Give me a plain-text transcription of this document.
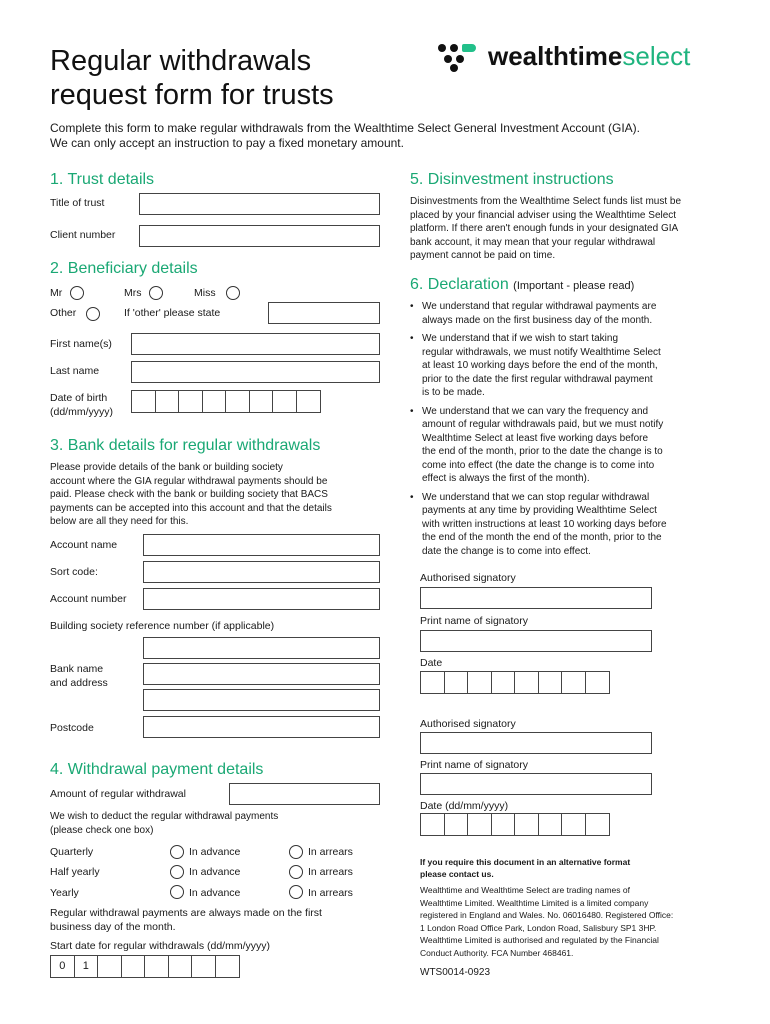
Regular withdrawals
request form for trusts
wealthtimeselect
Complete this form to make regular withdrawals from the Wealthtime Select General Investment Account (GIA).
We can only accept an instruction to pay a fixed monetary amount.
1. Trust details
Title of trust
Client number
2. Beneficiary details
Mr	Mrs	Miss
Other	If 'other' please state
First name(s)
Last name
Date of birth
(dd/mm/yyyy)
3. Bank details for regular withdrawals
Please provide details of the bank or building society
account where the GIA regular withdrawal payments should be
paid. Please check with the bank or building society that BACS
payments can be accepted into this account and that the details
below are all they need for this.
Account name
Sort code:
Account number
Building society reference number (if applicable)
Bank name
and address
Postcode
4. Withdrawal payment details
Amount of regular withdrawal
We wish to deduct the regular withdrawal payments
(please check one box)
Quarterly	In advance	In arrears
Half yearly	In advance	In arrears
Yearly	In advance	In arrears
Regular withdrawal payments are always made on the first
business day of the month.
Start date for regular withdrawals (dd/mm/yyyy)
0	1
5. Disinvestment instructions
Disinvestments from the Wealthtime Select funds list must be
placed by your financial adviser using the Wealthtime Select
platform. If there aren't enough funds in your designated GIA
bank account, it may mean that your regular withdrawal
payment cannot be paid on time.
6. Declaration (Important - please read)
• We understand that regular withdrawal payments are
always made on the first business day of the month.
• We understand that if we wish to start taking
regular withdrawals, we must notify Wealthtime Select
at least 10 working days before the end of the month,
prior to the date the first regular withdrawal payment
is to be made.
• We understand that we can vary the frequency and
amount of regular withdrawals paid, but we must notify
Wealthtime Select at least five working days before
the end of the month, prior to the date the change is to
come into effect (the date the change is to come into
effect is always the first of the month).
• We understand that we can stop regular withdrawal
payments at any time by providing Wealthtime Select
with written instructions at least 10 working days before
the end of the month the end of the month, prior to the
date the change is to come into effect.
Authorised signatory
Print name of signatory
Date
Authorised signatory
Print name of signatory
Date (dd/mm/yyyy)
If you require this document in an alternative format
please contact us.
Wealthtime and Wealthtime Select are trading names of
Wealthtime Limited. Wealthtime Limited is a limited company
registered in England and Wales. No. 06016480. Registered Office:
1 London Road Office Park, London Road, Salisbury SP1 3HP.
Wealthtime Limited is authorised and regulated by the Financial
Conduct Authority. FCA Number 468461.
WTS0014-0923
